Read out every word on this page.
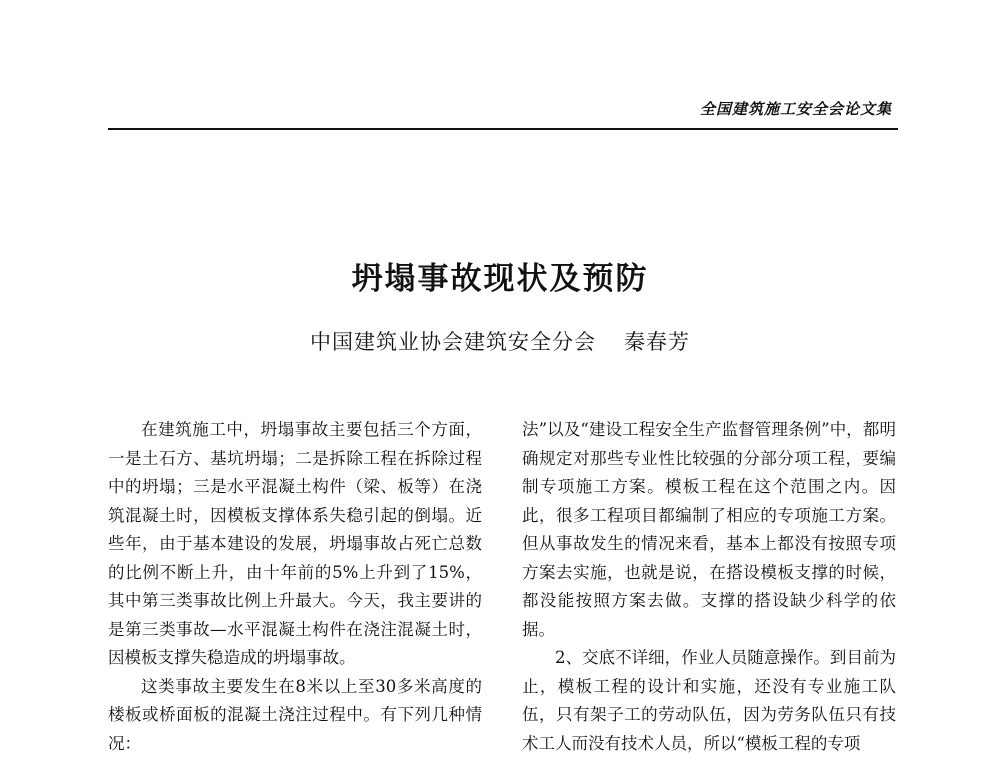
全国建筑施工安全会论文集
坍塌事故现状及预防
中国建筑业协会建筑安全分会 秦春芳

在建筑施工中，坍塌事故主要包括三个方面，一是土石方、基坑坍塌；二是拆除工程在拆除过程中的坍塌；三是水平混凝土构件（梁、板等）在浇筑混凝土时，因模板支撑体系失稳引起的倒塌。近些年，由于基本建设的发展，坍塌事故占死亡总数的比例不断上升，由十年前的5%上升到了15%，其中第三类事故比例上升最大。今天，我主要讲的是第三类事故—水平混凝土构件在浇注混凝土时，因模板支撑失稳造成的坍塌事故。

这类事故主要发生在8米以上至30多米高度的楼板或桥面板的混凝土浇注过程中。有下列几种情况：

法”以及“建设工程安全生产监督管理条例”中，都明确规定对那些专业性比较强的分部分项工程，要编制专项施工方案。模板工程在这个范围之内。因此，很多工程项目都编制了相应的专项施工方案。但从事故发生的情况来看，基本上都没有按照专项方案去实施，也就是说，在搭设模板支撑的时候，都没能按照方案去做。支撑的搭设缺少科学的依据。

2、交底不详细，作业人员随意操作。到目前为止，模板工程的设计和实施，还没有专业施工队伍，只有架子工的劳动队伍，因为劳务队伍只有技术工人而没有技术人员，所以“模板工程的专项
